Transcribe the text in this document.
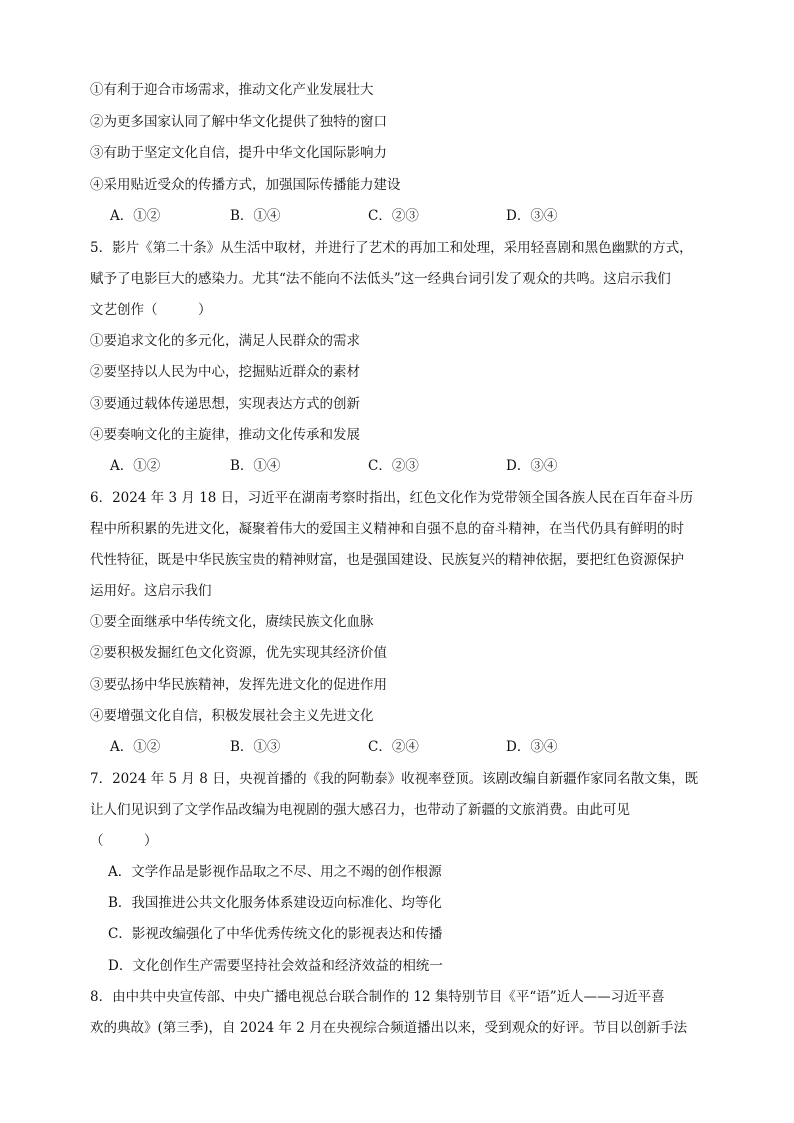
①有利于迎合市场需求，推动文化产业发展壮大
②为更多国家认同了解中华文化提供了独特的窗口
③有助于坚定文化自信，提升中华文化国际影响力
④采用贴近受众的传播方式，加强国际传播能力建设
A．①②	B．①④	C．②③	D．③④
5．影片《第二十条》从生活中取材，并进行了艺术的再加工和处理，采用轻喜剧和黑色幽默的方式，
赋予了电影巨大的感染力。尤其“法不能向不法低头”这一经典台词引发了观众的共鸣。这启示我们
文艺创作（　　　）
①要追求文化的多元化，满足人民群众的需求
②要坚持以人民为中心，挖掘贴近群众的素材
③要通过载体传递思想，实现表达方式的创新
④要奏响文化的主旋律，推动文化传承和发展
A．①②	B．①④	C．②③	D．③④
6．2024 年 3 月 18 日，习近平在湖南考察时指出，红色文化作为党带领全国各族人民在百年奋斗历
程中所积累的先进文化，凝聚着伟大的爱国主义精神和自强不息的奋斗精神，在当代仍具有鲜明的时
代性特征，既是中华民族宝贵的精神财富，也是强国建设、民族复兴的精神依据，要把红色资源保护
运用好。这启示我们
①要全面继承中华传统文化，赓续民族文化血脉
②要积极发掘红色文化资源，优先实现其经济价值
③要弘扬中华民族精神，发挥先进文化的促进作用
④要增强文化自信，积极发展社会主义先进文化
A．①②	B．①③	C．②④	D．③④
7．2024 年 5 月 8 日，央视首播的《我的阿勒泰》收视率登顶。该剧改编自新疆作家同名散文集，既
让人们见识到了文学作品改编为电视剧的强大感召力，也带动了新疆的文旅消费。由此可见
（　　　）
A．文学作品是影视作品取之不尽、用之不竭的创作根源
B．我国推进公共文化服务体系建设迈向标准化、均等化
C．影视改编强化了中华优秀传统文化的影视表达和传播
D．文化创作生产需要坚持社会效益和经济效益的相统一
8．由中共中央宣传部、中央广播电视总台联合制作的 12 集特别节目《平“语”近人——习近平喜
欢的典故》(第三季)，自 2024 年 2 月在央视综合频道播出以来，受到观众的好评。节目以创新手法
